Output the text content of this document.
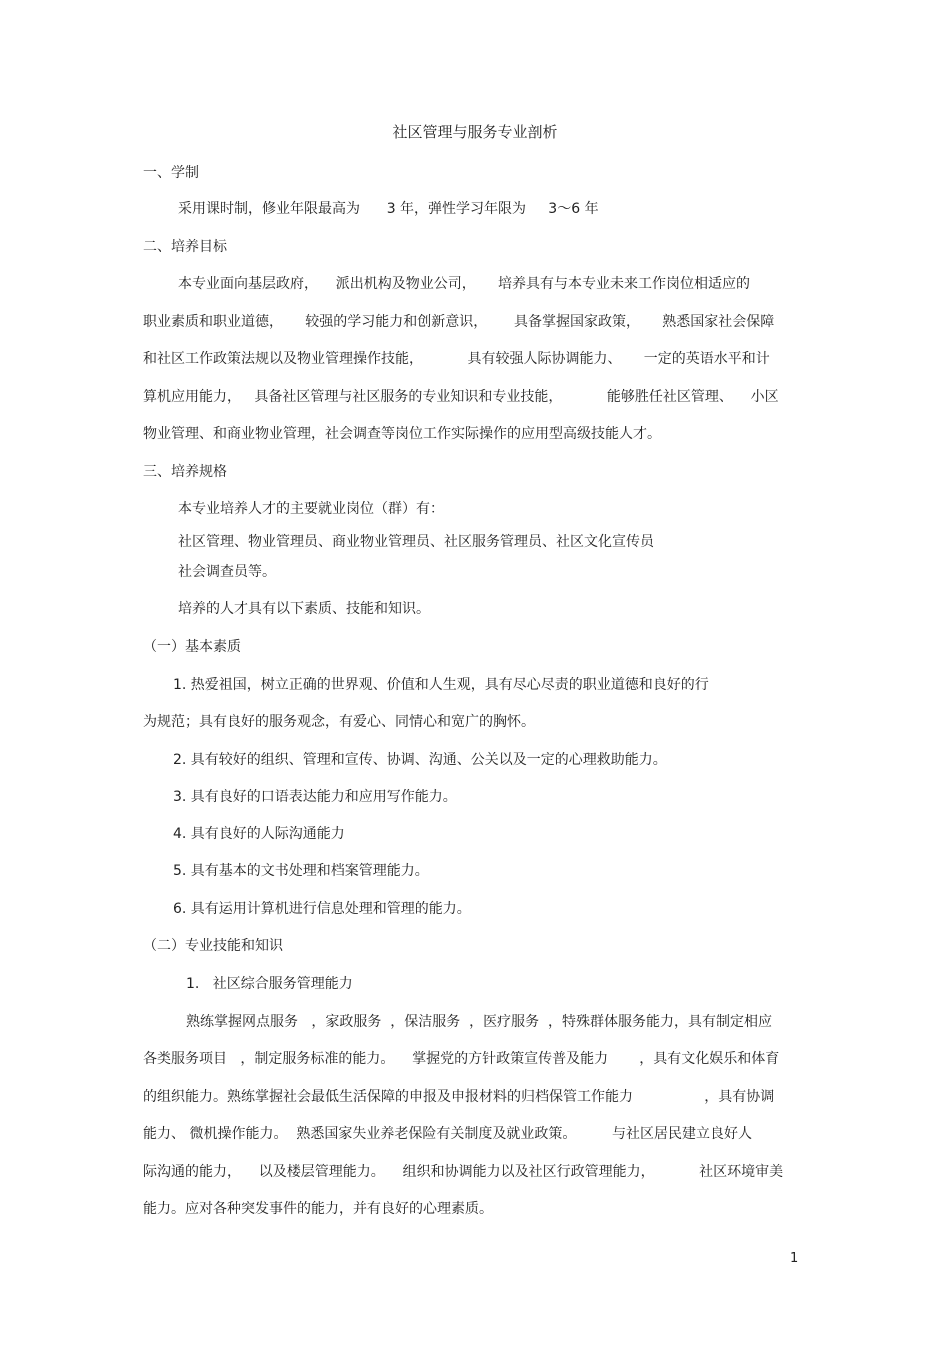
社区管理与服务专业剖析
一、学制
采用课时制，修业年限最高为      3 年，弹性学习年限为     3～6 年
二、培养目标
本专业面向基层政府，    派出机构及物业公司，     培养具有与本专业未来工作岗位相适应的
职业素质和职业道德，     较强的学习能力和创新意识，      具备掌握国家政策，     熟悉国家社会保障
和社区工作政策法规以及物业管理操作技能，          具有较强人际协调能力、     一定的英语水平和计
算机应用能力，   具备社区管理与社区服务的专业知识和专业技能，          能够胜任社区管理、    小区
物业管理、和商业物业管理，社会调查等岗位工作实际操作的应用型高级技能人才。
三、培养规格
本专业培养人才的主要就业岗位（群）有：
社区管理、物业管理员、商业物业管理员、社区服务管理员、社区文化宣传员
社会调查员等。
培养的人才具有以下素质、技能和知识。
（一）基本素质
1. 热爱祖国，树立正确的世界观、价值和人生观，具有尽心尽责的职业道德和良好的行
为规范；具有良好的服务观念，有爱心、同情心和宽广的胸怀。
2. 具有较好的组织、管理和宣传、协调、沟通、公关以及一定的心理救助能力。
3. 具有良好的口语表达能力和应用写作能力。
4. 具有良好的人际沟通能力
5. 具有基本的文书处理和档案管理能力。
6. 具有运用计算机进行信息处理和管理的能力。
（二）专业技能和知识
1.   社区综合服务管理能力
熟练掌握网点服务   ，家政服务  ，保洁服务  ，医疗服务  ，特殊群体服务能力，具有制定相应
各类服务项目   ，制定服务标准的能力。    掌握党的方针政策宣传普及能力       ，具有文化娱乐和体育
的组织能力。熟练掌握社会最低生活保障的申报及申报材料的归档保管工作能力                ，具有协调
能力、 微机操作能力。  熟悉国家失业养老保险有关制度及就业政策。        与社区居民建立良好人
际沟通的能力，    以及楼层管理能力。    组织和协调能力以及社区行政管理能力，          社区环境审美
能力。应对各种突发事件的能力，并有良好的心理素质。
1
